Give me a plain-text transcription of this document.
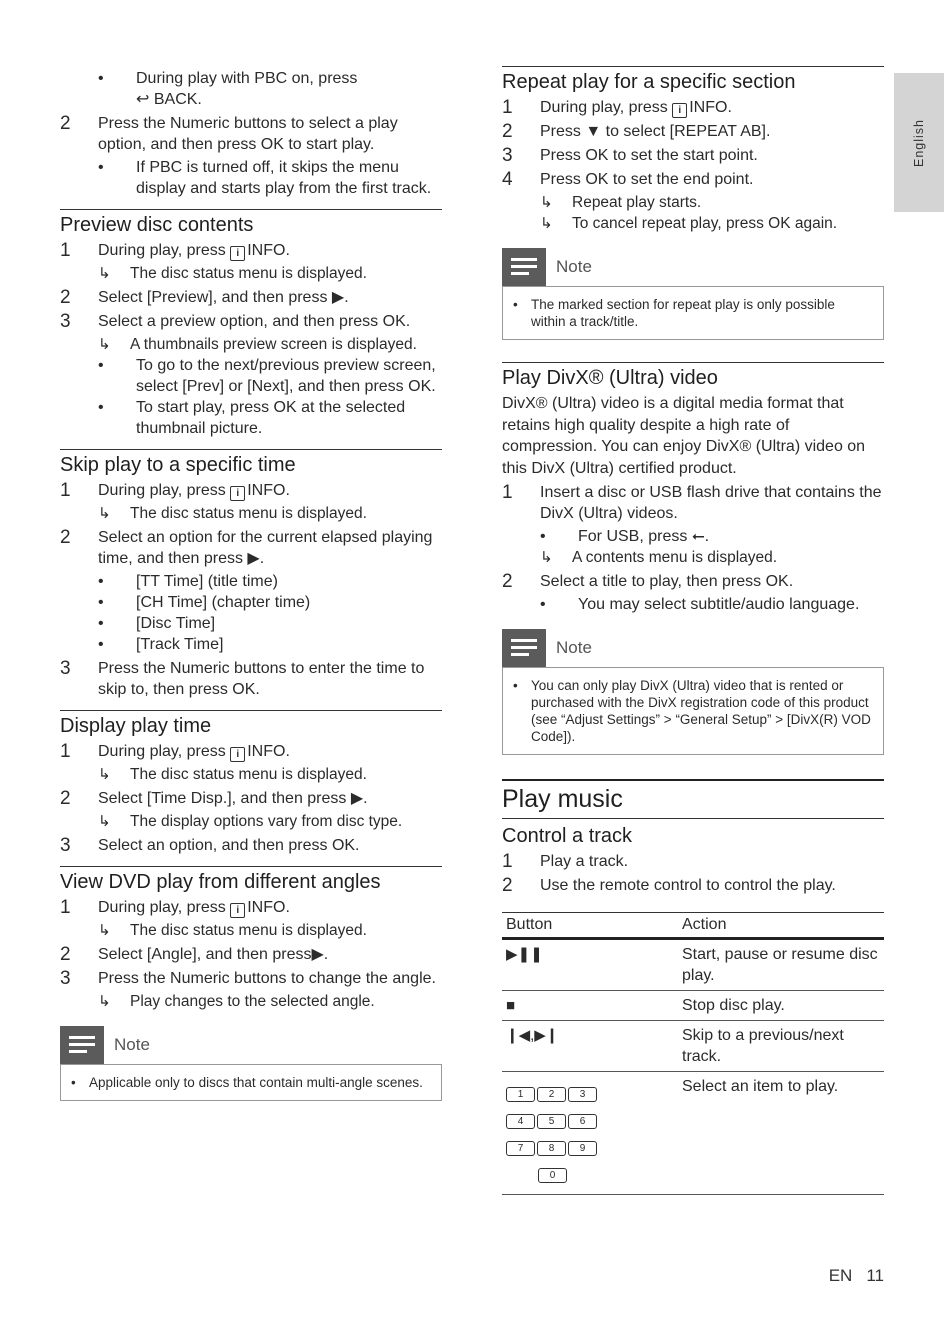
English
• During play with PBC on, press
↩ BACK.
2 Press the Numeric buttons to select a play option, and then press OK to start play.
• If PBC is turned off, it skips the menu display and starts play from the first track.
Preview disc contents
1 During play, press i INFO.
↳ The disc status menu is displayed.
2 Select [Preview], and then press ▶.
3 Select a preview option, and then press OK.
↳ A thumbnails preview screen is displayed.
• To go to the next/previous preview screen, select [Prev] or [Next], and then press OK.
• To start play, press OK at the selected thumbnail picture.
Skip play to a specific time
1 During play, press i INFO.
↳ The disc status menu is displayed.
2 Select an option for the current elapsed playing time, and then press ▶.
• [TT Time] (title time)
• [CH Time] (chapter time)
• [Disc Time]
• [Track Time]
3 Press the Numeric buttons to enter the time to skip to, then press OK.
Display play time
1 During play, press i INFO.
↳ The disc status menu is displayed.
2 Select [Time Disp.], and then press ▶.
↳ The display options vary from disc type.
3 Select an option, and then press OK.
View DVD play from different angles
1 During play, press i INFO.
↳ The disc status menu is displayed.
2 Select [Angle], and then press▶.
3 Press the Numeric buttons to change the angle.
↳ Play changes to the selected angle.
Note
• Applicable only to discs that contain multi-angle scenes.
Repeat play for a specific section
1 During play, press i INFO.
2 Press ▼ to select [REPEAT AB].
3 Press OK to set the start point.
4 Press OK to set the end point.
↳ Repeat play starts.
↳ To cancel repeat play, press OK again.
Note
• The marked section for repeat play is only possible within a track/title.
Play DivX® (Ultra) video
DivX® (Ultra) video is a digital media format that retains high quality despite a high rate of compression. You can enjoy DivX® (Ultra) video on this DivX (Ultra) certified product.
1 Insert a disc or USB flash drive that contains the DivX (Ultra) videos.
• For USB, press ⭠.
↳ A contents menu is displayed.
2 Select a title to play, then press OK.
• You may select subtitle/audio language.
Note
• You can only play DivX (Ultra) video that is rented or purchased with the DivX registration code of this product (see “Adjust Settings” > “General Setup” > [DivX(R) VOD Code]).
Play music
Control a track
1 Play a track.
2 Use the remote control to control the play.
Button	Action
▶❚❚	Start, pause or resume disc play.
■	Stop disc play.
❙◀,▶❙	Skip to a previous/next track.

1 2 3
4 5 6
7 8 9
0	Select an item to play.
EN 11
